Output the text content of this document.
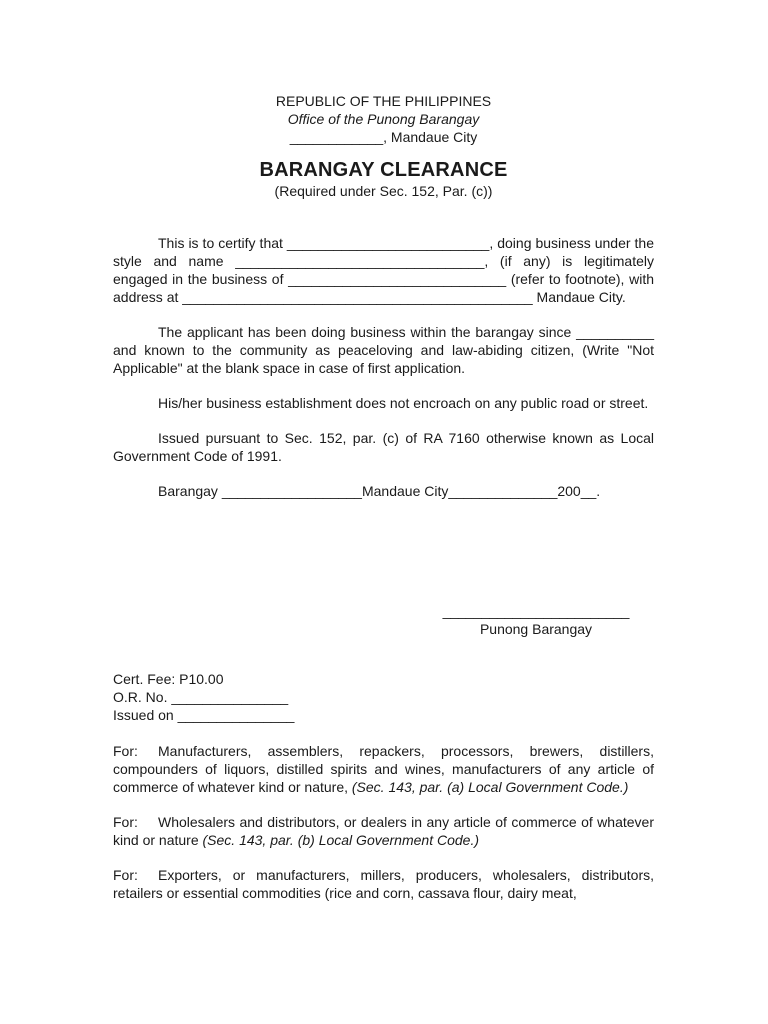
REPUBLIC OF THE PHILIPPINES
Office of the Punong Barangay
____________, Mandaue City
BARANGAY CLEARANCE
(Required under Sec. 152, Par. (c))

This is to certify that __________________________, doing business under the style and name ________________________________, (if any) is legitimately engaged in the business of ____________________________ (refer to footnote), with address at _____________________________________________ Mandaue City.

The applicant has been doing business within the barangay since __________ and known to the community as peaceloving and law-abiding citizen, (Write "Not Applicable" at the blank space in case of first application.

His/her business establishment does not encroach on any public road or street.

Issued pursuant to Sec. 152, par. (c) of RA 7160 otherwise known as Local Government Code of 1991.

Barangay __________________Mandaue City______________200__.

________________________
Punong Barangay
Cert. Fee: P10.00
O.R. No. _______________
Issued on _______________

For: Manufacturers, assemblers, repackers, processors, brewers, distillers, compounders of liquors, distilled spirits and wines, manufacturers of any article of commerce of whatever kind or nature, (Sec. 143, par. (a) Local Government Code.)

For: Wholesalers and distributors, or dealers in any article of commerce of whatever kind or nature (Sec. 143, par. (b) Local Government Code.)

For: Exporters, or manufacturers, millers, producers, wholesalers, distributors, retailers or essential commodities (rice and corn, cassava flour, dairy meat,
